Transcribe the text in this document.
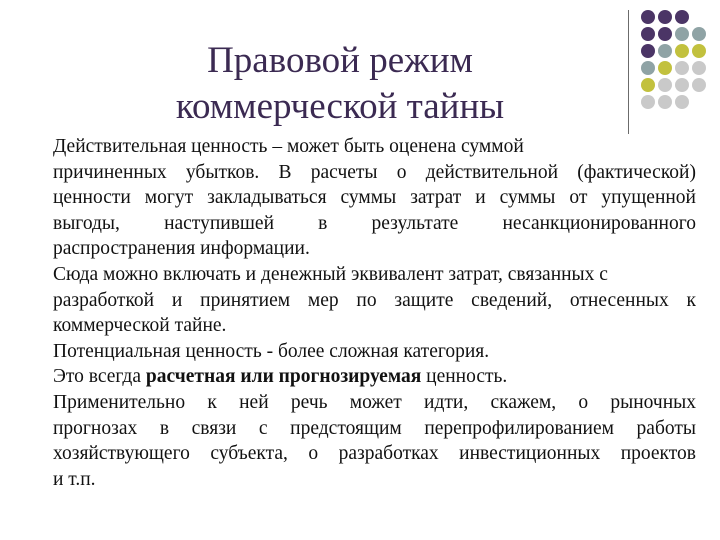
Правовой режим
коммерческой тайны
Действительная ценность – может быть оценена суммой
причиненных убытков. В расчеты о действительной (фактической)
ценности могут закладываться суммы затрат и суммы от упущенной
выгоды, наступившей в результате несанкционированного
распространения информации.
Сюда можно включать и денежный эквивалент затрат, связанных с
разработкой и принятием мер по защите сведений, отнесенных к
коммерческой тайне.
Потенциальная ценность - более сложная категория.
Это всегда расчетная или прогнозируемая ценность.
Применительно к ней речь может идти, скажем, о рыночных
прогнозах в связи с предстоящим перепрофилированием работы
хозяйствующего субъекта, о разработках инвестиционных проектов
и т.п.
